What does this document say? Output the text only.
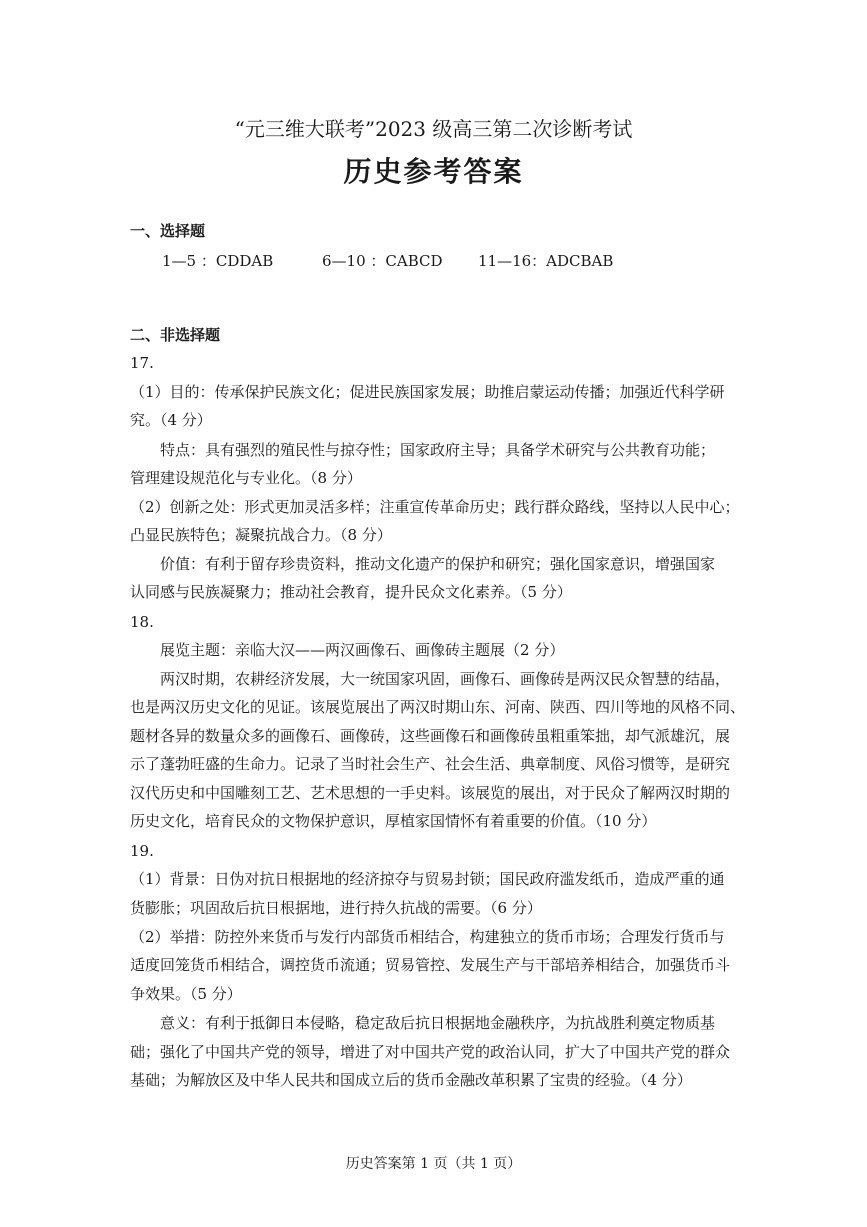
“元三维大联考”2023 级高三第二次诊断考试
历史参考答案
一、选择题
1—5 ：CDDAB	6—10 ：CABCD 11—16：ADCBAB
二、非选择题
17.
（1）目的：传承保护民族文化；促进民族国家发展；助推启蒙运动传播；加强近代科学研
究。（4 分）
特点：具有强烈的殖民性与掠夺性；国家政府主导；具备学术研究与公共教育功能；
管理建设规范化与专业化。（8 分）
（2）创新之处：形式更加灵活多样；注重宣传革命历史；践行群众路线，坚持以人民中心；
凸显民族特色；凝聚抗战合力。（8 分）
价值：有利于留存珍贵资料，推动文化遗产的保护和研究；强化国家意识，增强国家
认同感与民族凝聚力；推动社会教育，提升民众文化素养。（5 分）
18.
展览主题：亲临大汉——两汉画像石、画像砖主题展（2 分）
两汉时期，农耕经济发展，大一统国家巩固，画像石、画像砖是两汉民众智慧的结晶，
也是两汉历史文化的见证。该展览展出了两汉时期山东、河南、陕西、四川等地的风格不同、
题材各异的数量众多的画像石、画像砖，这些画像石和画像砖虽粗重笨拙，却气派雄沉，展
示了蓬勃旺盛的生命力。记录了当时社会生产、社会生活、典章制度、风俗习惯等，是研究
汉代历史和中国雕刻工艺、艺术思想的一手史料。该展览的展出，对于民众了解两汉时期的
历史文化，培育民众的文物保护意识，厚植家国情怀有着重要的价值。（10 分）
19.
（1）背景：日伪对抗日根据地的经济掠夺与贸易封锁；国民政府滥发纸币，造成严重的通
货膨胀；巩固敌后抗日根据地，进行持久抗战的需要。（6 分）
（2）举措：防控外来货币与发行内部货币相结合，构建独立的货币市场；合理发行货币与
适度回笼货币相结合，调控货币流通；贸易管控、发展生产与干部培养相结合，加强货币斗
争效果。（5 分）
意义：有利于抵御日本侵略，稳定敌后抗日根据地金融秩序，为抗战胜利奠定物质基
础；强化了中国共产党的领导，增进了对中国共产党的政治认同，扩大了中国共产党的群众
基础；为解放区及中华人民共和国成立后的货币金融改革积累了宝贵的经验。（4 分）
历史答案第 1 页（共 1 页）
